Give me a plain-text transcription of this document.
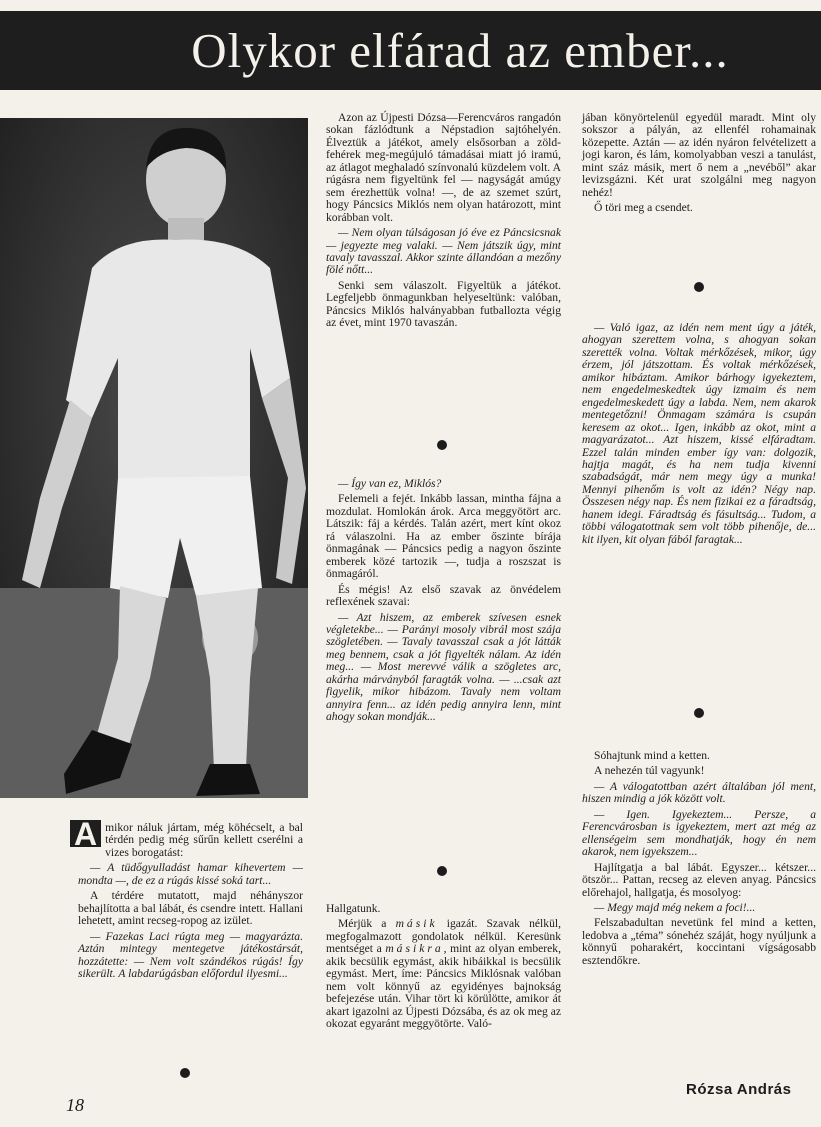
Olykor elfárad az ember...

A mikor náluk jártam, még köhécselt, a bal térdén pedig még sűrűn kellett cserélni a vizes borogatást:

— A tüdőgyulladást hamar kihevertem — mondta —, de ez a rúgás kissé soká tart...

A térdére mutatott, majd néhányszor behajlította a bal lábát, és csendre intett. Hallani lehetett, amint recseg-ropog az izület.

— Fazekas Laci rúgta meg — magyarázta. Aztán mintegy mentegetve játékostársát, hozzátette: — Nem volt szándékos rúgás! Így sikerült. A labdarúgásban előfordul ilyesmi...

Azon az Újpesti Dózsa—Ferencváros rangadón sokan fázlódtunk a Népstadion sajtóhelyén. Élveztük a játékot, amely elsősorban a zöld-fehérek meg-megújuló támadásai miatt jó iramú, az átlagot meghaladó színvonalú küzdelem volt. A rúgásra nem figyeltünk fel — nagyságát amúgy sem érezhettük volna! —, de az szemet szúrt, hogy Páncsics Miklós nem olyan határozott, mint korábban volt.

— Nem olyan túlságosan jó éve ez Páncsicsnak — jegyezte meg valaki. — Nem játszik úgy, mint tavaly tavasszal. Akkor szinte állandóan a mezőny fölé nőtt...

Senki sem válaszolt. Figyeltük a játékot. Legfeljebb önmagunkban helyeseltünk: valóban, Páncsics Miklós halványabban futballozta végig az évet, mint 1970 tavaszán.

— Így van ez, Miklós?

Felemeli a fejét. Inkább lassan, mintha fájna a mozdulat. Homlokán árok. Arca meggyötört arc. Látszik: fáj a kérdés. Talán azért, mert kínt okoz rá válaszolni. Ha az ember őszinte bírája önmagának — Páncsics pedig a nagyon őszinte emberek közé tartozik —, tudja a roszszat is önmagáról.

És mégis! Az első szavak az önvédelem reflexének szavai:

— Azt hiszem, az emberek szívesen esnek végletekbe... — Parányi mosoly vibrál most szája szögletében. — Tavaly tavasszal csak a jót látták meg bennem, csak a jót figyelték nálam. Az idén meg... — Most merevvé válik a szögletes arc, akárha márványból faragták volna. — ...csak azt figyelik, mikor hibázom. Tavaly nem voltam annyira fenn... az idén pedig annyira lenn, mint ahogy sokan mondják...

Hallgatunk.

Mérjük a másik igazát. Szavak nélkül, megfogalmazott gondolatok nélkül. Keresünk mentséget a másikra, mint az olyan emberek, akik becsülik egymást, akik hibáikkal is becsülik egymást. Mert, íme: Páncsics Miklósnak valóban nem volt könnyű az egyidényes bajnokság befejezése után. Vihar tört ki körülötte, amikor át akart igazolni az Újpesti Dózsába, és az ok meg az okozat egyaránt meggyötörte. Való-

jában könyörtelenül egyedül maradt. Mint oly sokszor a pályán, az ellenfél rohamainak közepette. Aztán — az idén nyáron felvételizett a jogi karon, és lám, komolyabban veszi a tanulást, mint száz másik, mert ő nem a „nevéből” akar levizsgázni. Két urat szolgálni meg nagyon nehéz!

Ő töri meg a csendet.

— Való igaz, az idén nem ment úgy a játék, ahogyan szerettem volna, s ahogyan sokan szerették volna. Voltak mérkőzések, mikor, úgy érzem, jól játszottam. És voltak mérkőzések, amikor hibáztam. Amikor bárhogy igyekeztem, nem engedelmeskedtek úgy izmaim és nem engedelmeskedett úgy a labda. Nem, nem akarok mentegetőzni! Önmagam számára is csupán keresem az okot... Igen, inkább az okot, mint a magyarázatot... Azt hiszem, kissé elfáradtam. Ezzel talán minden ember így van: dolgozik, hajtja magát, és ha nem tudja kivenni szabadságát, már nem megy úgy a munka! Mennyi pihenőm is volt az idén? Négy nap. Összesen négy nap. És nem fizikai ez a fáradtság, hanem idegi. Fáradtság és fásultság... Tudom, a többi válogatottnak sem volt több pihenője, de... kit ilyen, kit olyan fából faragtak...

Sóhajtunk mind a ketten.

A nehezén túl vagyunk!

— A válogatottban azért általában jól ment, hiszen mindig a jók között volt.

— Igen. Igyekeztem... Persze, a Ferencvárosban is igyekeztem, mert azt még az ellenségeim sem mondhatják, hogy én nem akarok, nem igyekszem...

Hajlítgatja a bal lábát. Egyszer... kétszer... ötször... Pattan, recseg az eleven anyag. Páncsics előrehajol, hallgatja, és mosolyog:

— Megy majd még nekem a foci!...

Felszabadultan nevetünk fel mind a ketten, ledobva a „téma” sónehéz száját, hogy nyúljunk a könnyű poharakért, koccintani vígságosabb esztendőkre.

Rózsa András
18
